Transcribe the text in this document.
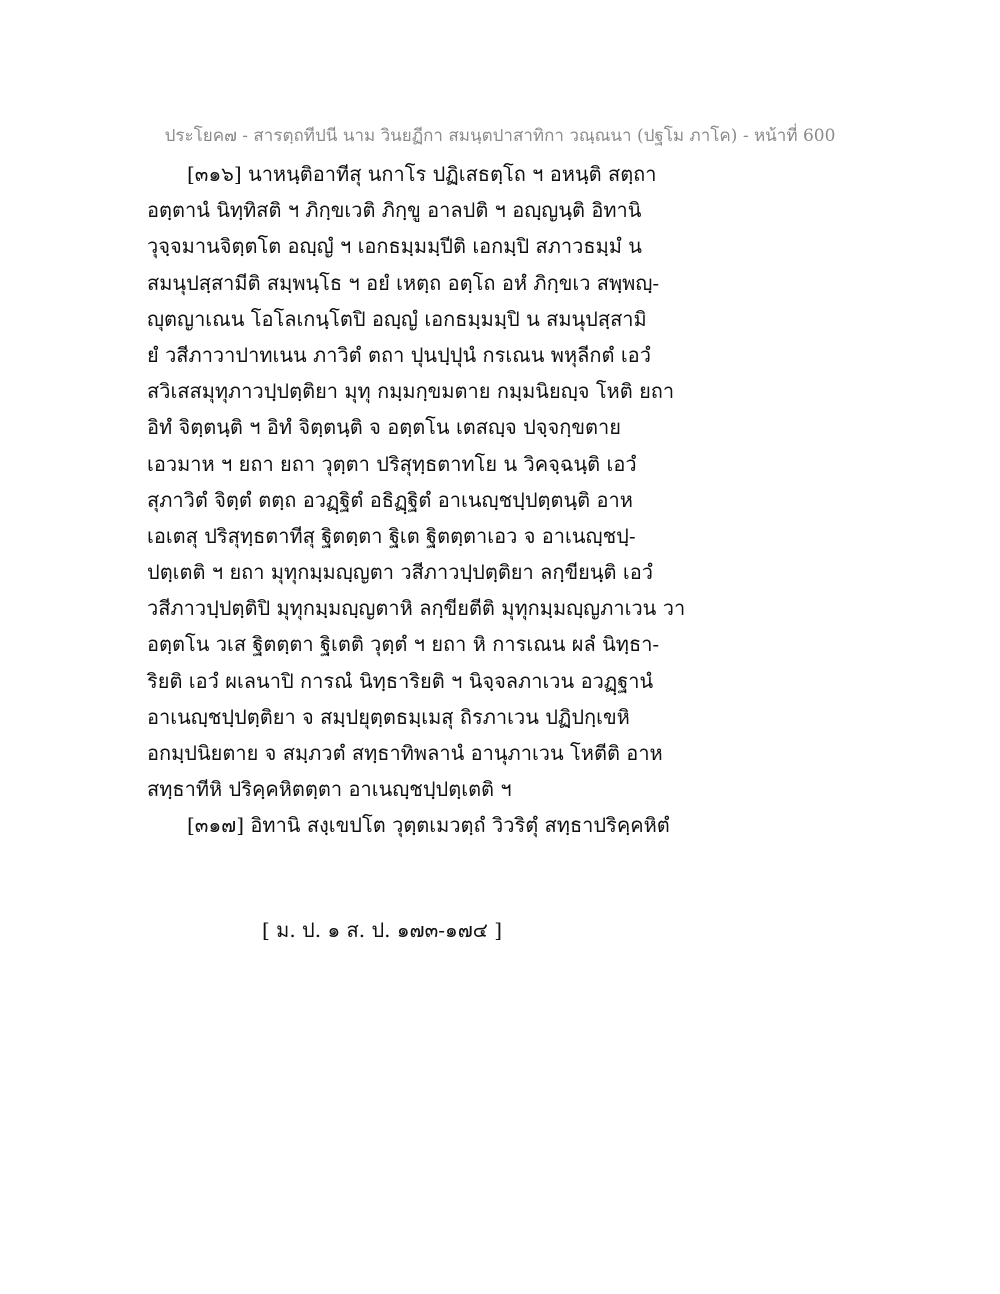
ประโยค๗ - สารตฺถทีปนี นาม วินยฏีกา สมนฺตปาสาทิกา วณฺณนา (ปฐโม ภาโค) - หน้าที่ 600
[๓๑๖] นาหนฺติอาทีสุ นกาโร ปฏิเสธตฺโถ ฯ อหนฺติ สตฺถา
อตฺตานํ นิทฺทิสติ ฯ ภิกฺขเวติ ภิกฺขู อาลปติ ฯ อญฺญนฺติ อิทานิ
วุจฺจมานจิตฺตโต อญฺญํ ฯ เอกธมฺมมฺปีติ เอกมฺปิ สภาวธมฺมํ น
สมนุปสฺสามีติ สมฺพนฺโธ ฯ อยํ เหตฺถ อตฺโถ อหํ ภิกฺขเว สพฺพญฺ-
ญุตญาเณน โอโลเกนฺโตปิ อญฺญํ เอกธมฺมมฺปิ น สมนุปสฺสามิ
ยํ วสีภาวาปาทเนน ภาวิตํ ตถา ปุนปฺปุนํ กรเณน พหุลีกตํ เอวํ
สวิเสสมุทุภาวปฺปตฺติยา มุทุ กมฺมกฺขมตาย กมฺมนิยญฺจ โหติ ยถา
อิทํ จิตฺตนฺติ ฯ อิทํ จิตฺตนฺติ จ อตฺตโน เตสญฺจ ปจฺจกฺขตาย
เอวมาห ฯ ยถา ยถา วุตฺตา ปริสุทฺธตาทโย น วิคจฺฉนฺติ เอวํ
สุภาวิตํ จิตฺตํ ตตฺถ อวฏฺฐิตํ อธิฏฺฐิตํ อาเนญฺชปฺปตฺตนฺติ อาห
เอเตสุ ปริสุทฺธตาทีสุ ฐิตตฺตา ฐิเต ฐิตตฺตาเอว จ อาเนญฺชปฺ-
ปตฺเตติ ฯ ยถา มุทุกมฺมญฺญตา วสีภาวปฺปตฺติยา ลกฺขียนฺติ เอวํ
วสีภาวปฺปตฺติปิ มุทุกมฺมญฺญตาหิ ลกฺขียตีติ มุทุกมฺมญฺญภาเวน วา
อตฺตโน วเส ฐิตตฺตา ฐิเตติ วุตฺตํ ฯ ยถา หิ การเณน ผลํ นิทฺธา-
ริยติ เอวํ ผเลนาปิ การณํ นิทฺธาริยติ ฯ นิจฺจลภาเวน อวฏฺฐานํ
อาเนญฺชปฺปตฺติยา จ สมฺปยุตฺตธมฺเมสุ ถิรภาเวน ปฏิปกฺเขหิ
อกมฺปนิยตาย จ สมฺภวตํ สทฺธาทิพลานํ อานุภาเวน โหตีติ อาห
สทฺธาทีหิ ปริคฺคหิตตฺตา อาเนญฺชปฺปตฺเตติ ฯ
[๓๑๗] อิทานิ สงฺเขปโต วุตฺตเมวตฺถํ วิวริตุํ สทฺธาปริคฺคหิตํ
[ ม. ป. ๑ ส. ป. ๑๗๓-๑๗๔ ]
